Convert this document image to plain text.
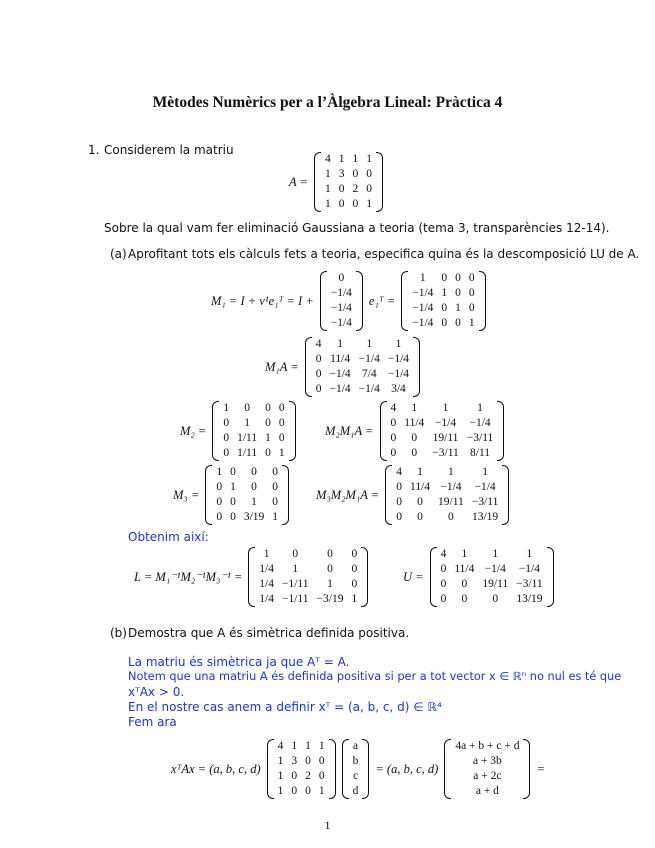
Mètodes Numèrics per a l’Àlgebra Lineal: Pràctica 4
1. Considerem la matriu
A =
4	1	1	1
1	3	0	0
1	0	2	0
1	0	0	1
Sobre la qual vam fer eliminació Gaussiana a teoria (tema 3, transparències 12-14).
(a) Aprofitant tots els càlculs fets a teoria, especifica quina és la descomposició LU de A.
M₁ = I + v¹e₁ᵀ = I +
0
−1/4
−1/4
−1/4
e₁ᵀ =
1	0	0	0
−1/4	1	0	0
−1/4	0	1	0
−1/4	0	0	1
M₁A =
4	1	1	1
0	11/4	−1/4	−1/4
0	−1/4	7/4	−1/4
0	−1/4	−1/4	3/4
M₂ =
1	0	0	0
0	1	0	0
0	1/11	1	0
0	1/11	0	1
M₂M₁A =
4	1	1	1
0	11/4	−1/4	−1/4
0	0	19/11	−3/11
0	0	−3/11	8/11
M₃ =
1	0	0	0
0	1	0	0
0	0	1	0
0	0	3/19	1
M₃M₂M₁A =
4	1	1	1
0	11/4	−1/4	−1/4
0	0	19/11	−3/11
0	0	0	13/19
Obtenim així:
L = M₁⁻¹M₂⁻¹M₃⁻¹ =
1	0	0	0
1/4	1	0	0
1/4	−1/11	1	0
1/4	−1/11	−3/19	1
U =
4	1	1	1
0	11/4	−1/4	−1/4
0	0	19/11	−3/11
0	0	0	13/19
(b) Demostra que A és simètrica definida positiva.
La matriu és simètrica ja que Aᵀ = A.
Notem que una matriu A és definida positiva si per a tot vector x ∈ ℝⁿ no nul es té que
xᵀAx > 0.
En el nostre cas anem a definir xᵀ = (a, b, c, d) ∈ ℝ⁴
Fem ara
xᵀAx = (a, b, c, d)
4	1	1	1
1	3	0	0
1	0	2	0
1	0	0	1
a
b
c
d
= (a, b, c, d)
4a + b + c + d
a + 3b
a + 2c
a + d
=
1
